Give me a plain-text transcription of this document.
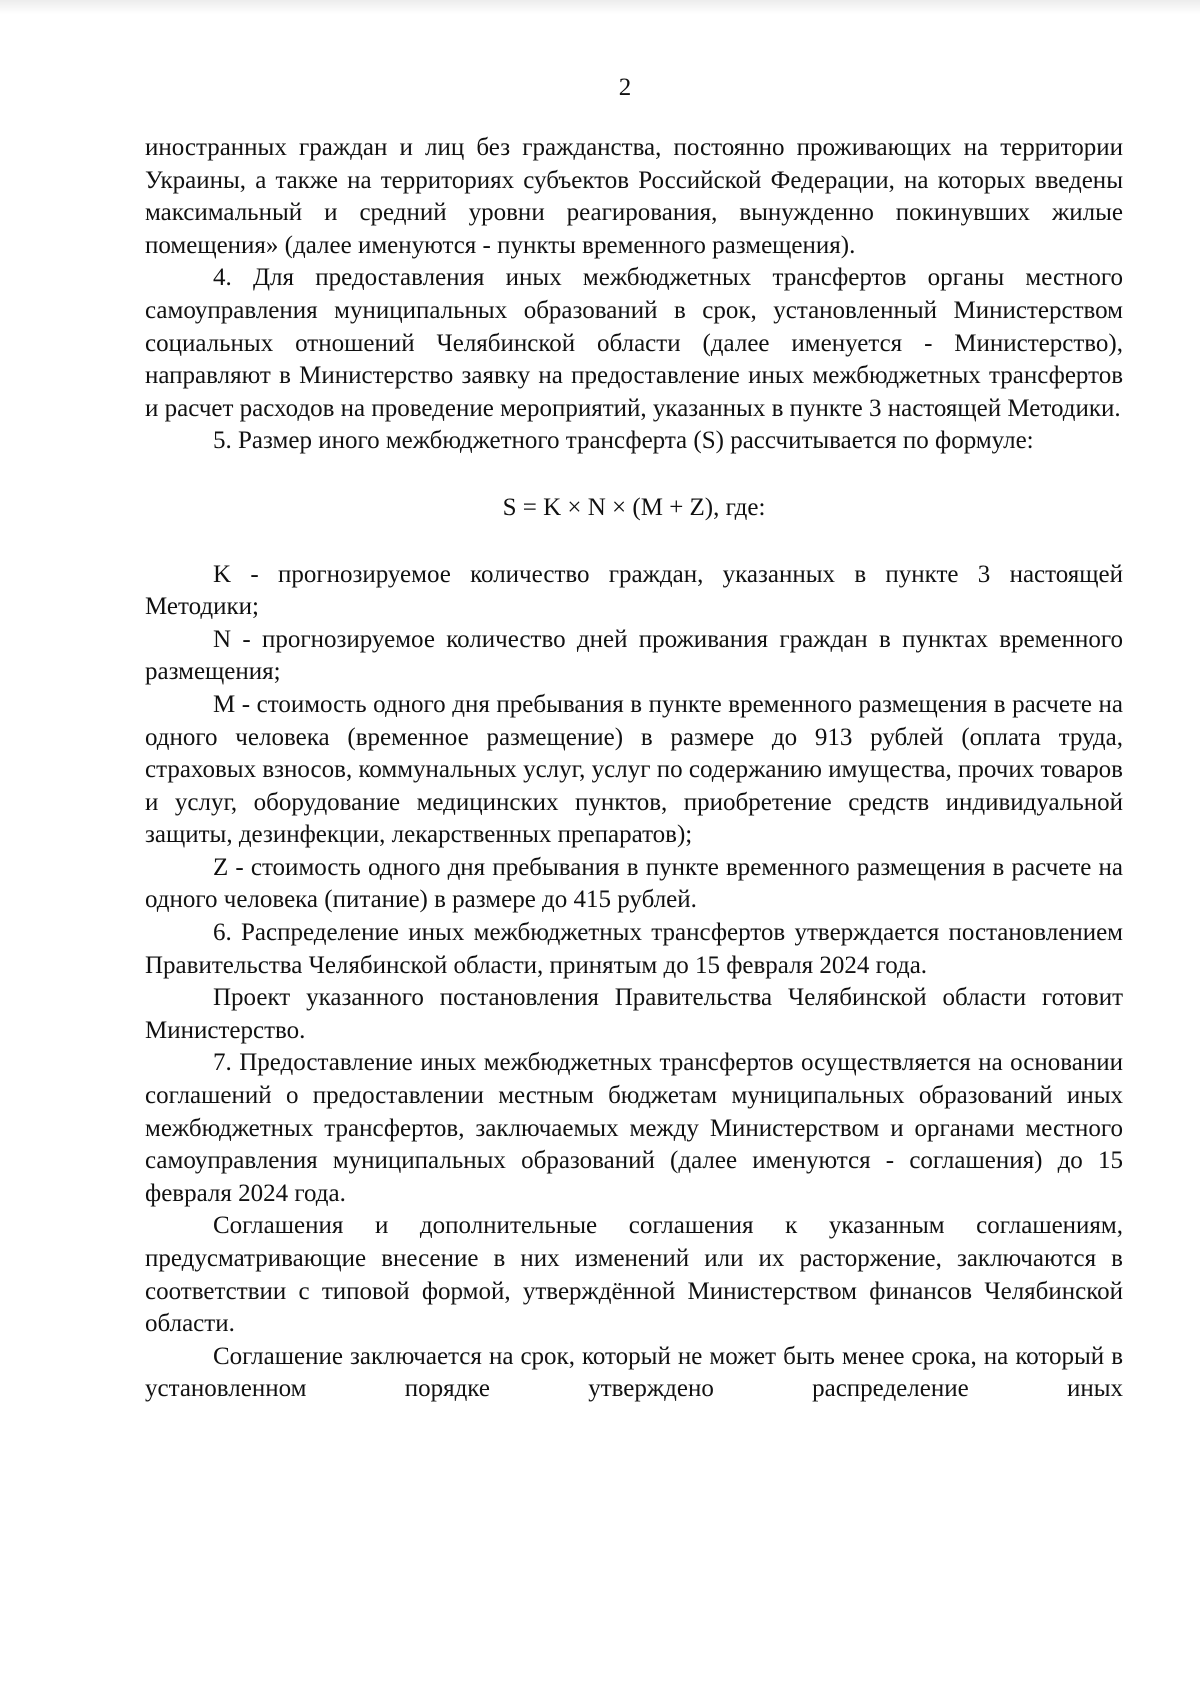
2

иностранных граждан и лиц без гражданства, постоянно проживающих на территории Украины, а также на территориях субъектов Российской Федерации, на которых введены максимальный и средний уровни реагирования, вынужденно покинувших жилые помещения» (далее именуются - пункты временного размещения).

4. Для предоставления иных межбюджетных трансфертов органы местного самоуправления муниципальных образований в срок, установленный Министерством социальных отношений Челябинской области (далее именуется - Министерство), направляют в Министерство заявку на предоставление иных межбюджетных трансфертов и расчет расходов на проведение мероприятий, указанных в пункте 3 настоящей Методики.

5. Размер иного межбюджетного трансферта (S) рассчитывается по формуле:

S = K × N × (M + Z), где:

K - прогнозируемое количество граждан, указанных в пункте 3 настоящей Методики;

N - прогнозируемое количество дней проживания граждан в пунктах временного размещения;

M - стоимость одного дня пребывания в пункте временного размещения в расчете на одного человека (временное размещение) в размере до 913 рублей (оплата труда, страховых взносов, коммунальных услуг, услуг по содержанию имущества, прочих товаров и услуг, оборудование медицинских пунктов, приобретение средств индивидуальной защиты, дезинфекции, лекарственных препаратов);

Z - стоимость одного дня пребывания в пункте временного размещения в расчете на одного человека (питание) в размере до 415 рублей.

6. Распределение иных межбюджетных трансфертов утверждается постановлением Правительства Челябинской области, принятым до 15 февраля 2024 года.

Проект указанного постановления Правительства Челябинской области готовит Министерство.

7. Предоставление иных межбюджетных трансфертов осуществляется на основании соглашений о предоставлении местным бюджетам муниципальных образований иных межбюджетных трансфертов, заключаемых между Министерством и органами местного самоуправления муниципальных образований (далее именуются - соглашения) до 15 февраля 2024 года.

Соглашения и дополнительные соглашения к указанным соглашениям, предусматривающие внесение в них изменений или их расторжение, заключаются в соответствии с типовой формой, утверждённой Министерством финансов Челябинской области.

Соглашение заключается на срок, который не может быть менее срока, на который в установленном порядке утверждено распределение иных
